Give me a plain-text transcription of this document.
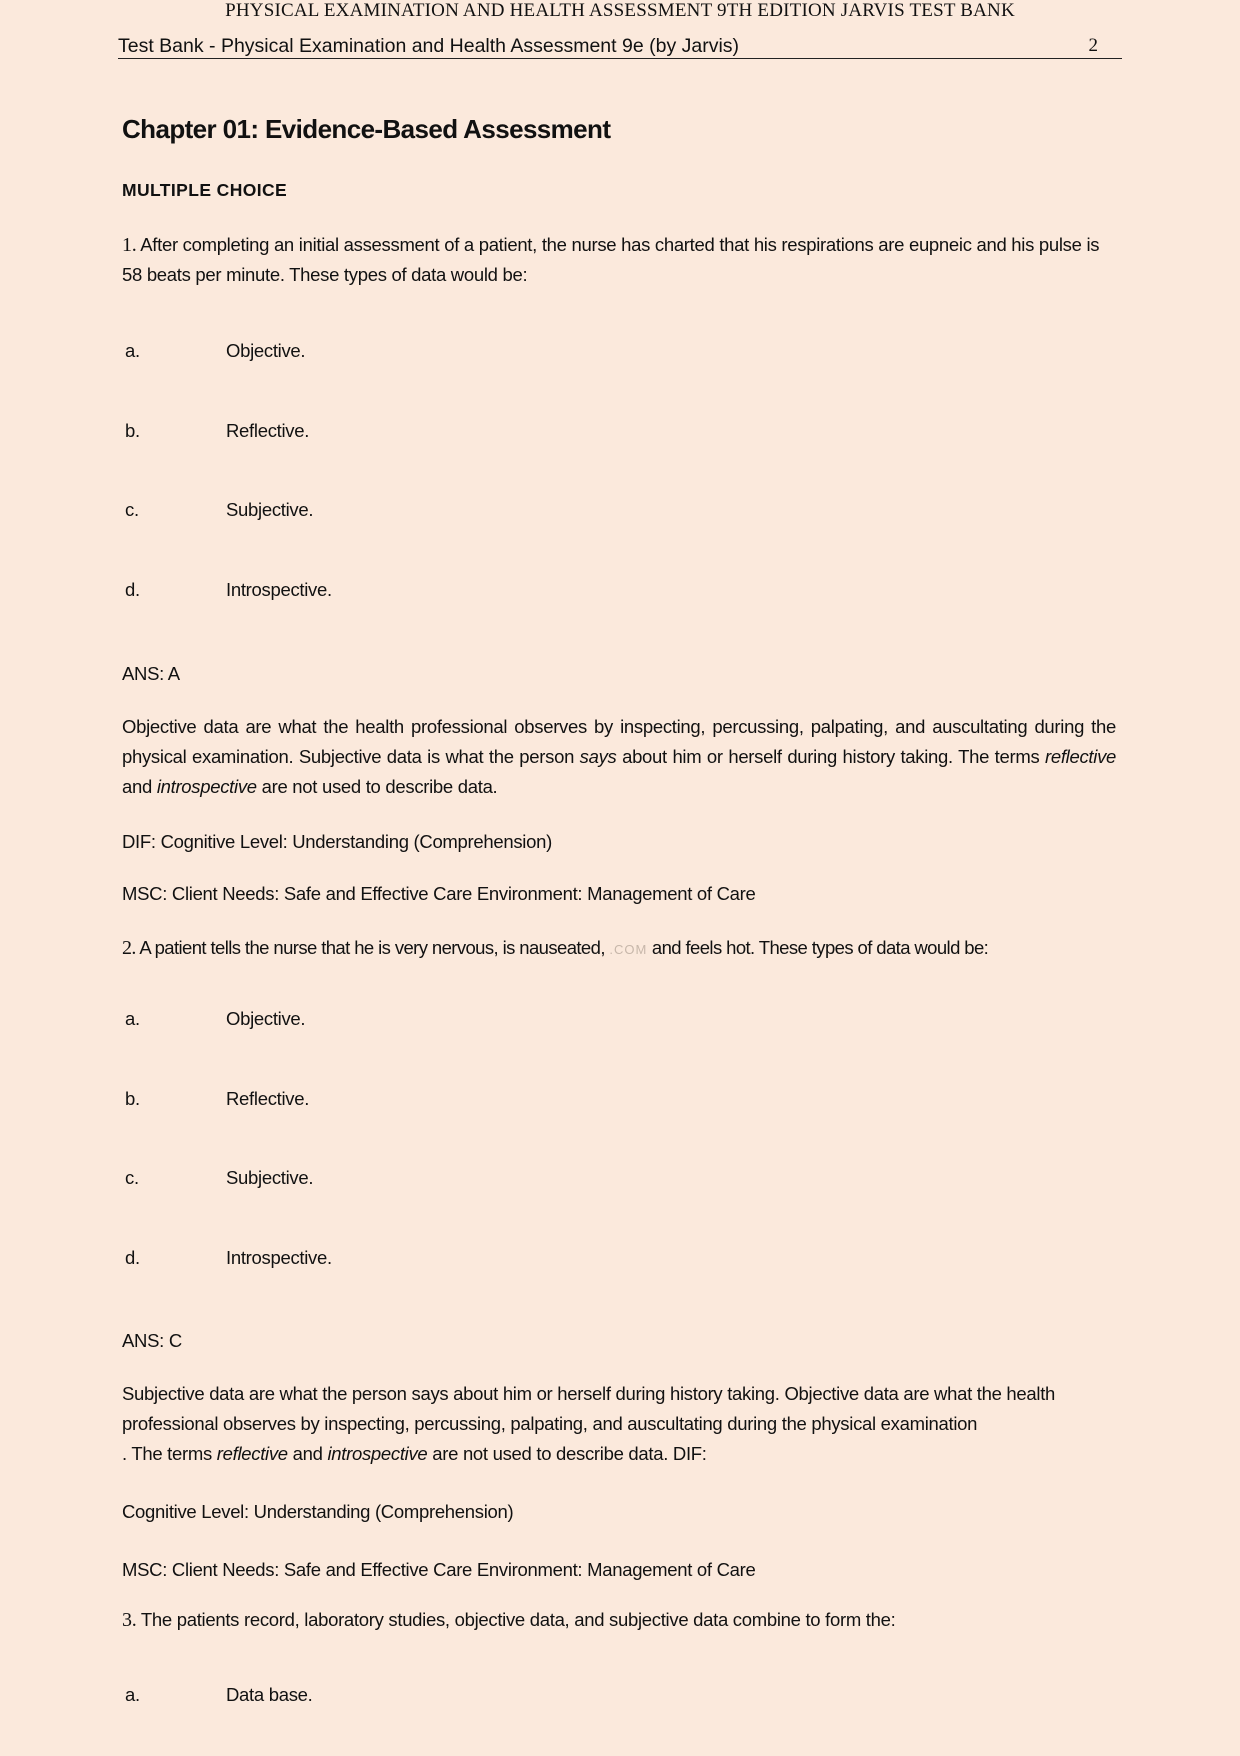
PHYSICAL EXAMINATION AND HEALTH ASSESSMENT 9TH EDITION JARVIS TEST BANK
Test Bank - Physical Examination and Health Assessment 9e (by Jarvis)	2
Chapter 01: Evidence-Based Assessment
MULTIPLE CHOICE
1. After completing an initial assessment of a patient, the nurse has charted that his respirations are eupneic and his pulse is 58 beats per minute. These types of data would be:
a.	Objective.
b.	Reflective.
c.	Subjective.
d.	Introspective.
ANS: A
Objective data are what the health professional observes by inspecting, percussing, palpating, and auscultating during the physical examination. Subjective data is what the person says about him or herself during history taking. The terms reflective and introspective are not used to describe data.
DIF: Cognitive Level: Understanding (Comprehension)
MSC: Client Needs: Safe and Effective Care Environment: Management of Care
2. A patient tells the nurse that he is very nervous, is nauseated, .COM and feels hot. These types of data would be:
a.	Objective.
b.	Reflective.
c.	Subjective.
d.	Introspective.
ANS: C
Subjective data are what the person says about him or herself during history taking. Objective data are what the health
professional observes by inspecting, percussing, palpating, and auscultating during the physical examination
. The terms reflective and introspective are not used to describe data. DIF:
Cognitive Level: Understanding (Comprehension)
MSC: Client Needs: Safe and Effective Care Environment: Management of Care
3. The patients record, laboratory studies, objective data, and subjective data combine to form the:
a.	Data base.
